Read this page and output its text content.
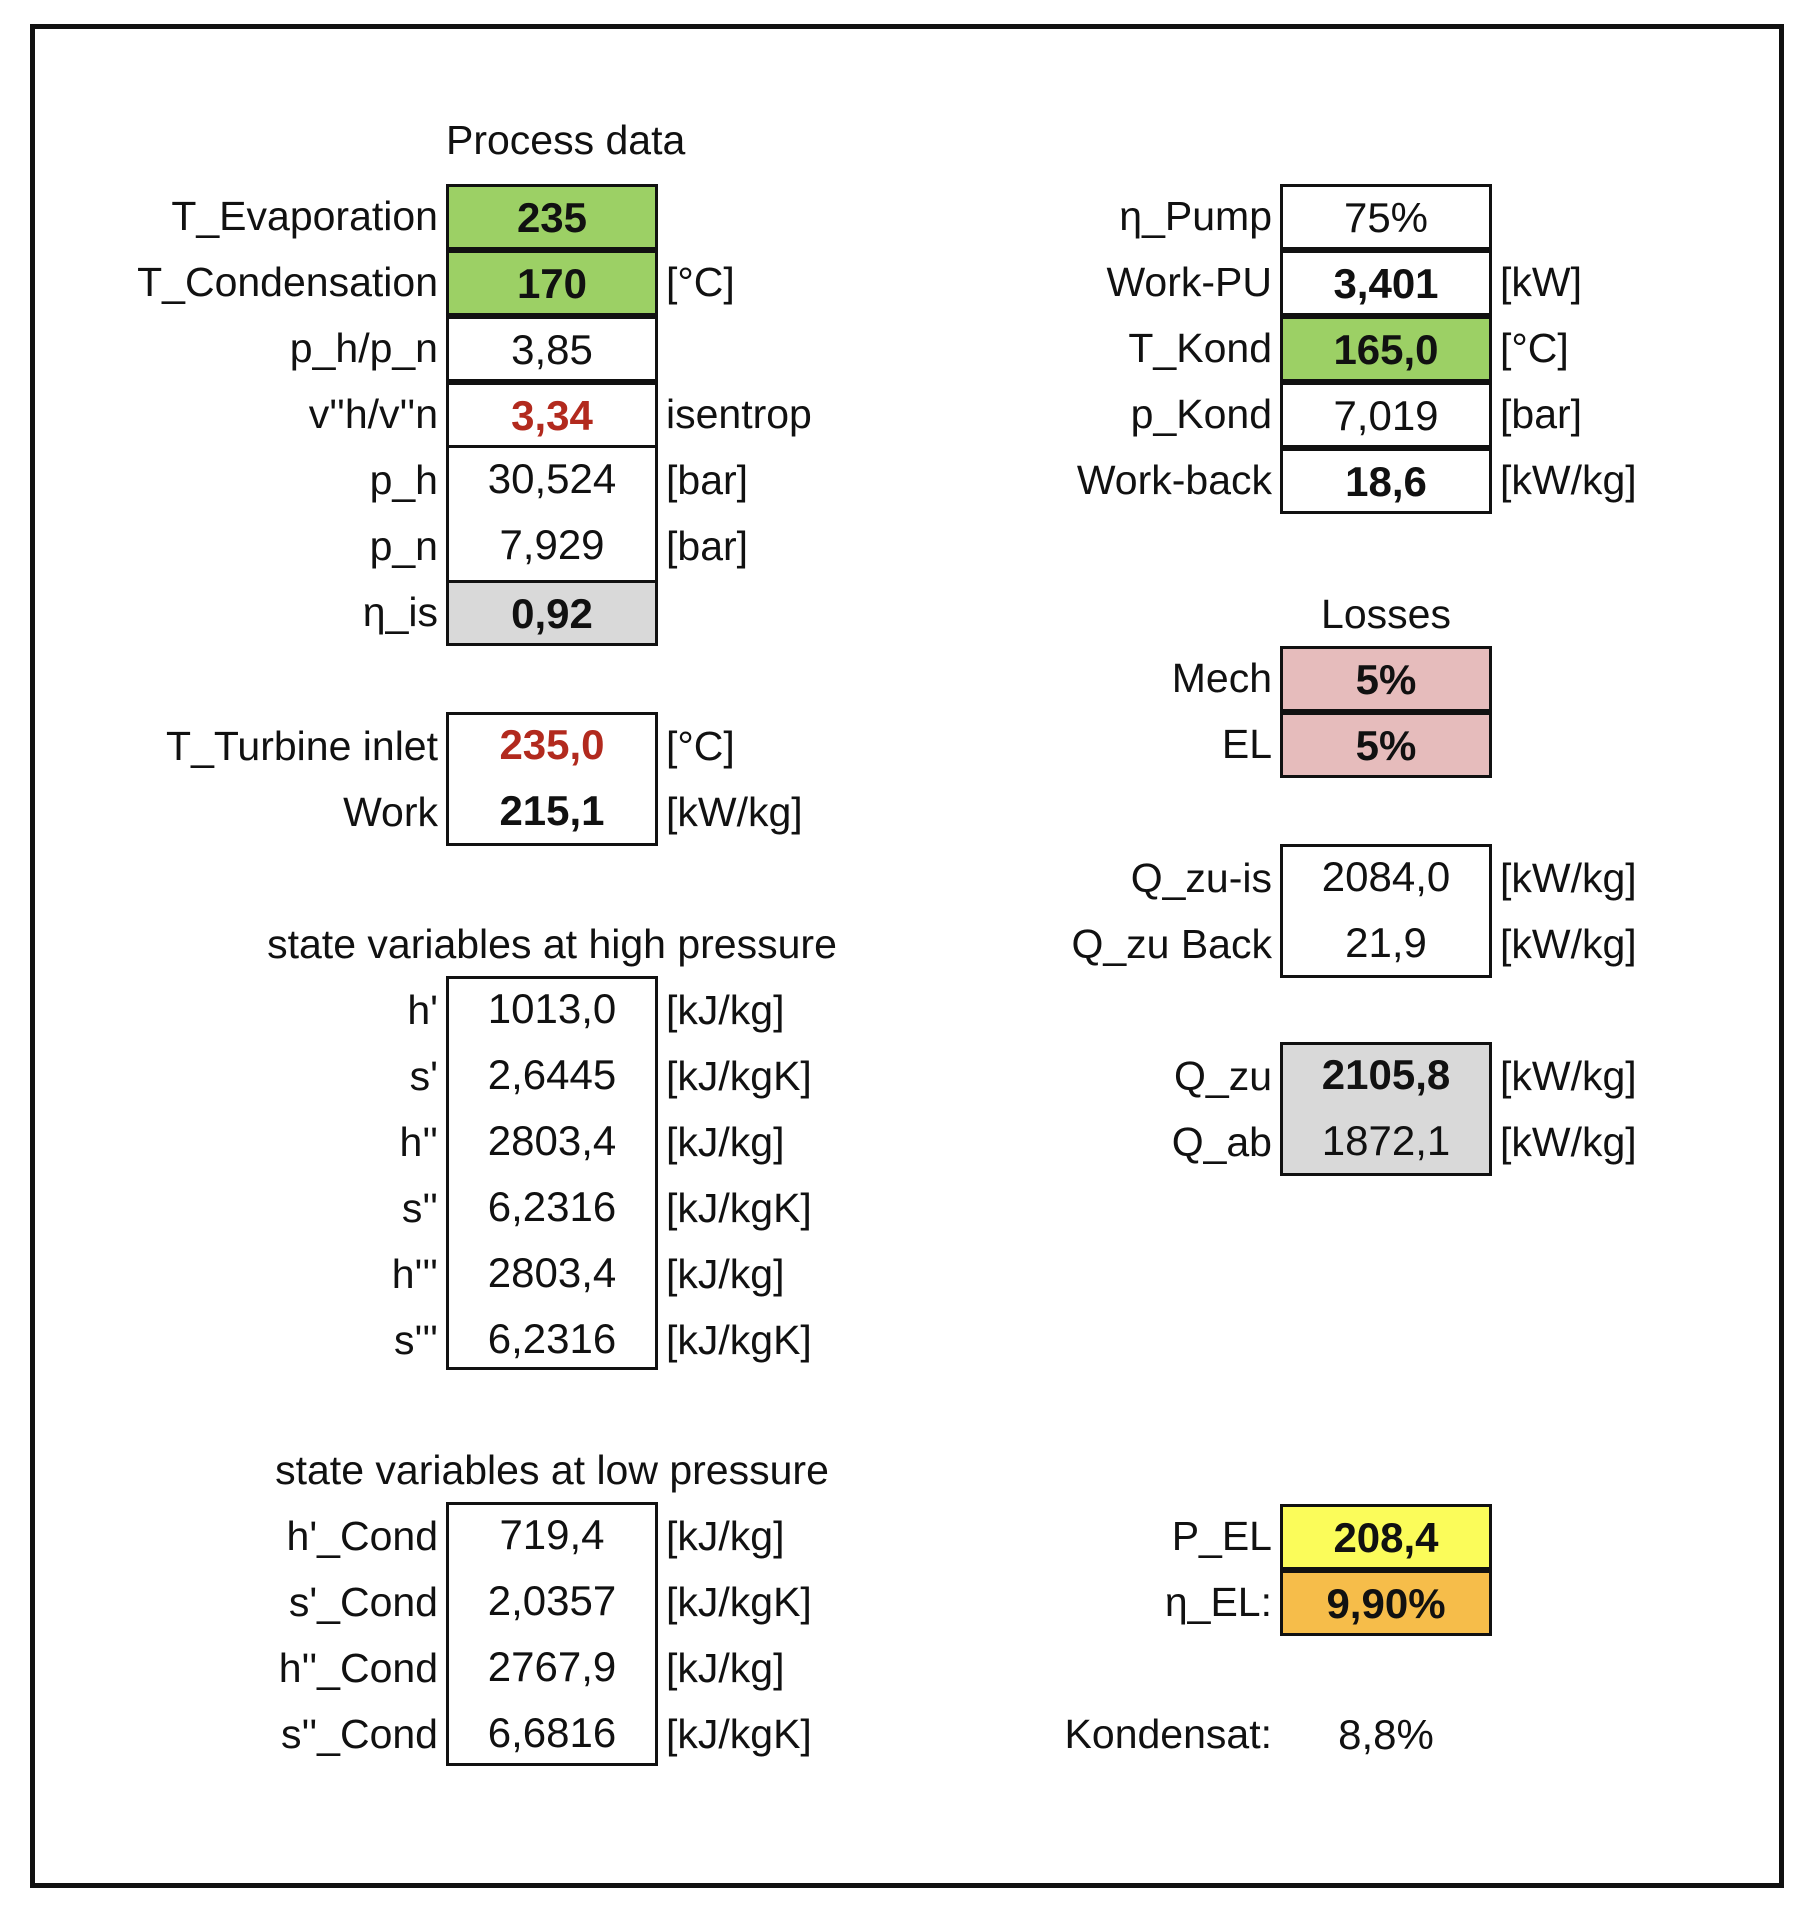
Process data
235
170
3,85
3,34
30,524
7,929
0,92
T_Evaporation
T_Condensation
p_h/p_n
v''h/v''n
p_h
p_n
η_is
[°C]
isentrop
[bar]
[bar]
235,0
215,1
T_Turbine inlet
Work
[°C]
[kW/kg]
state variables at high pressure
1013,0
2,6445
2803,4
6,2316
2803,4
6,2316
h'
s'
h''
s''
h'''
s'''
[kJ/kg]
[kJ/kgK]
[kJ/kg]
[kJ/kgK]
[kJ/kg]
[kJ/kgK]
state variables at low pressure
719,4
2,0357
2767,9
6,6816
h'_Cond
s'_Cond
h''_Cond
s''_Cond
[kJ/kg]
[kJ/kgK]
[kJ/kg]
[kJ/kgK]
75%
3,401
165,0
7,019
18,6
η_Pump
Work-PU
T_Kond
p_Kond
Work-back
[kW]
[°C]
[bar]
[kW/kg]
Losses
5%
5%
Mech
EL
2084,0
21,9
Q_zu-is
Q_zu Back
[kW/kg]
[kW/kg]
2105,8
1872,1
Q_zu
Q_ab
[kW/kg]
[kW/kg]
208,4
9,90%
P_EL
η_EL:
Kondensat:	8,8%
